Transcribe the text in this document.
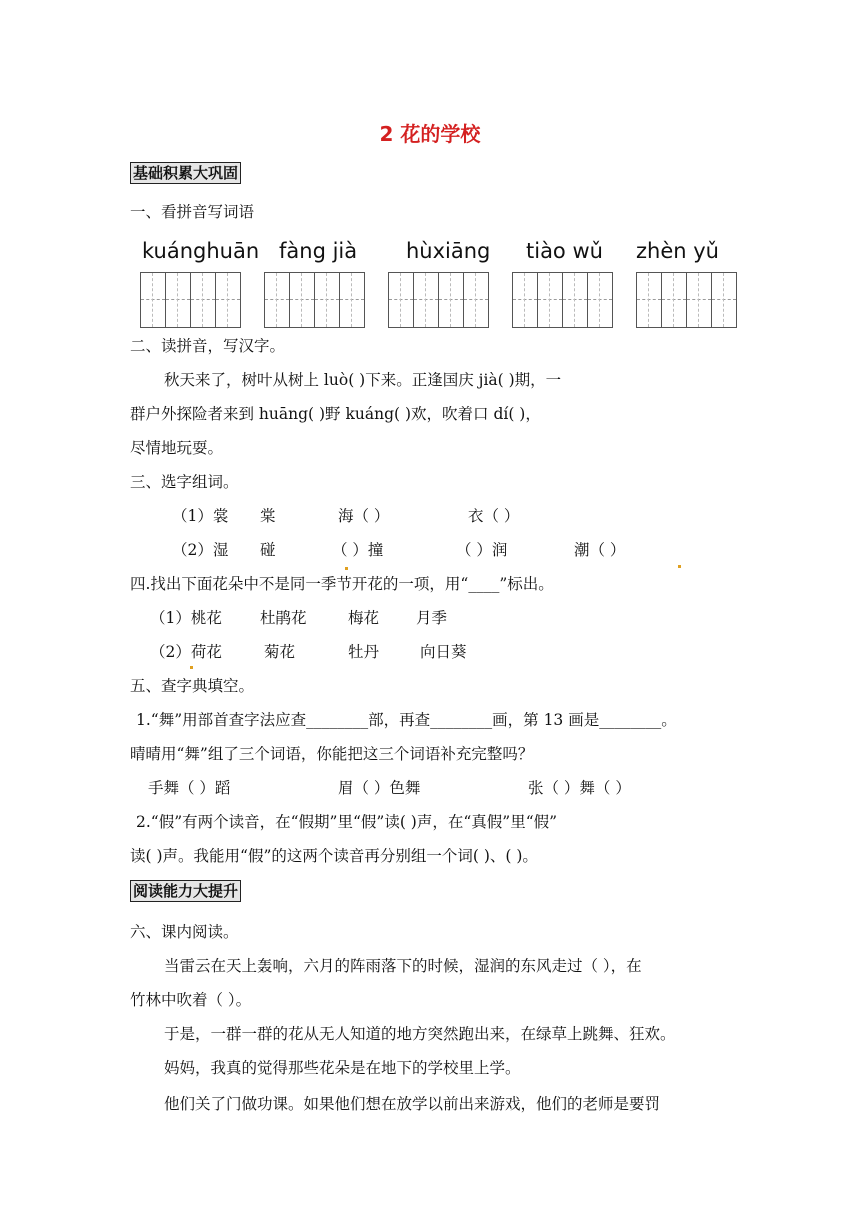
2 花的学校
基础积累大巩固
一、看拼音写词语
kuánghuān fàng jià hùxiāng tiào wǔ zhèn yǔ
二、读拼音，写汉字。
秋天来了，树叶从树上 luò( )下来。正逢国庆 jià( )期，一
群户外探险者来到 huāng( )野 kuáng( )欢，吹着口 dí( )，
尽情地玩耍。
三、选字组词。
（1）裳 棠	海（ ）	衣（ ）
（2）湿 碰	（ ）撞	（ ）润	潮（ ）
四.找出下面花朵中不是同一季节开花的一项，用“____”标出。
（1）桃花 杜鹃花	梅花 月季
（2）荷花	菊花	牡丹	向日葵
五、查字典填空。
1.“舞”用部首查字法应查________部，再查________画，第 13 画是________。
晴晴用“舞”组了三个词语，你能把这三个词语补充完整吗？
手舞（ ）蹈	眉（ ）色舞	张（ ）舞（ ）
2.“假”有两个读音，在“假期”里“假”读( )声，在“真假”里“假”
读( )声。我能用“假”的这两个读音再分别组一个词( )、( )。
阅读能力大提升
六、课内阅读。
当雷云在天上轰响，六月的阵雨落下的时候，湿润的东风走过（ ），在
竹林中吹着（ ）。
于是，一群一群的花从无人知道的地方突然跑出来，在绿草上跳舞、狂欢。
妈妈，我真的觉得那些花朵是在地下的学校里上学。
他们关了门做功课。如果他们想在放学以前出来游戏，他们的老师是要罚
